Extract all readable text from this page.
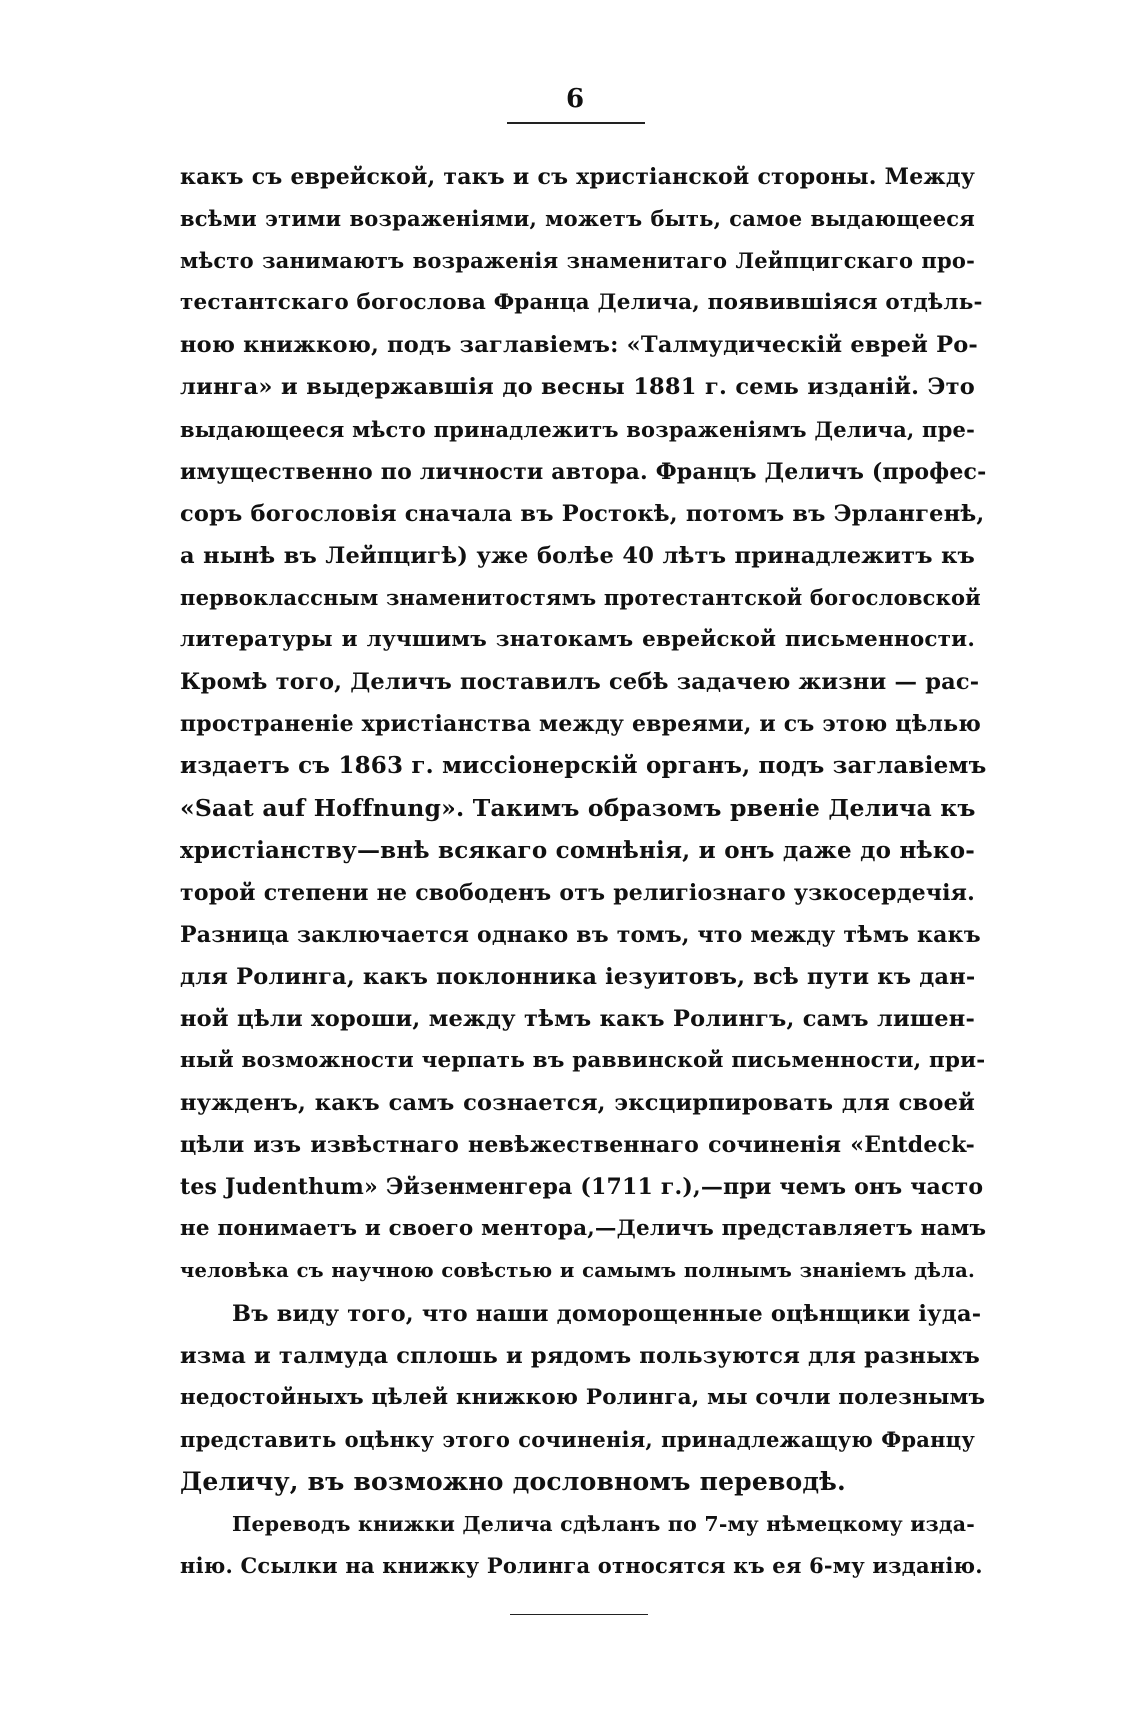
6
какъ съ еврейской, такъ и съ христіанской стороны. Между
всѣми этими возраженіями, можетъ быть, самое выдающееся
мѣсто занимаютъ возраженія знаменитаго Лейпцигскаго про-
тестантскаго богослова Франца Делича, появившіяся отдѣль-
ною книжкою, подъ заглавіемъ: «Талмудическій еврей Ро-
линга» и выдержавшія до весны 1881 г. семь изданій. Это
выдающееся мѣсто принадлежитъ возраженіямъ Делича, пре-
имущественно по личности автора. Францъ Деличъ (профес-
соръ богословія сначала въ Ростокѣ, потомъ въ Эрлангенѣ,
а нынѣ въ Лейпцигѣ) уже болѣе 40 лѣтъ принадлежитъ къ
первоклассным знаменитостямъ протестантской богословской
литературы и лучшимъ знатокамъ еврейской письменности.
Кромѣ того, Деличъ поставилъ себѣ задачею жизни — рас-
пространеніе христіанства между евреями, и съ этою цѣлью
издаетъ съ 1863 г. миссіонерскій органъ, подъ заглавіемъ
«Saat auf Hoffnung». Такимъ образомъ рвеніе Делича къ
христіанству—внѣ всякаго сомнѣнія, и онъ даже до нѣко-
торой степени не свободенъ отъ религіознаго узкосердечія.
Разница заключается однако въ томъ, что между тѣмъ какъ
для Ролинга, какъ поклонника іезуитовъ, всѣ пути къ дан-
ной цѣли хороши, между тѣмъ какъ Ролингъ, самъ лишен-
ный возможности черпать въ раввинской письменности, при-
нужденъ, какъ самъ сознается, эксцирпировать для своей
цѣли изъ извѣстнаго невѣжественнаго сочиненія «Entdeck-
tes Judenthum» Эйзенменгера (1711 г.),—при чемъ онъ часто
не понимаетъ и своего ментора,—Деличъ представляетъ намъ
человѣка съ научною совѣстью и самымъ полнымъ знаніемъ дѣла.
Въ виду того, что наши доморощенные оцѣнщики іуда-
изма и талмуда сплошь и рядомъ пользуются для разныхъ
недостойныхъ цѣлей книжкою Ролинга, мы сочли полезнымъ
представить оцѣнку этого сочиненія, принадлежащую Францу
Деличу, въ возможно дословномъ переводѣ.
Переводъ книжки Делича сдѣланъ по 7-му нѣмецкому изда-
нію. Ссылки на книжку Ролинга относятся къ ея 6-му изданію.
